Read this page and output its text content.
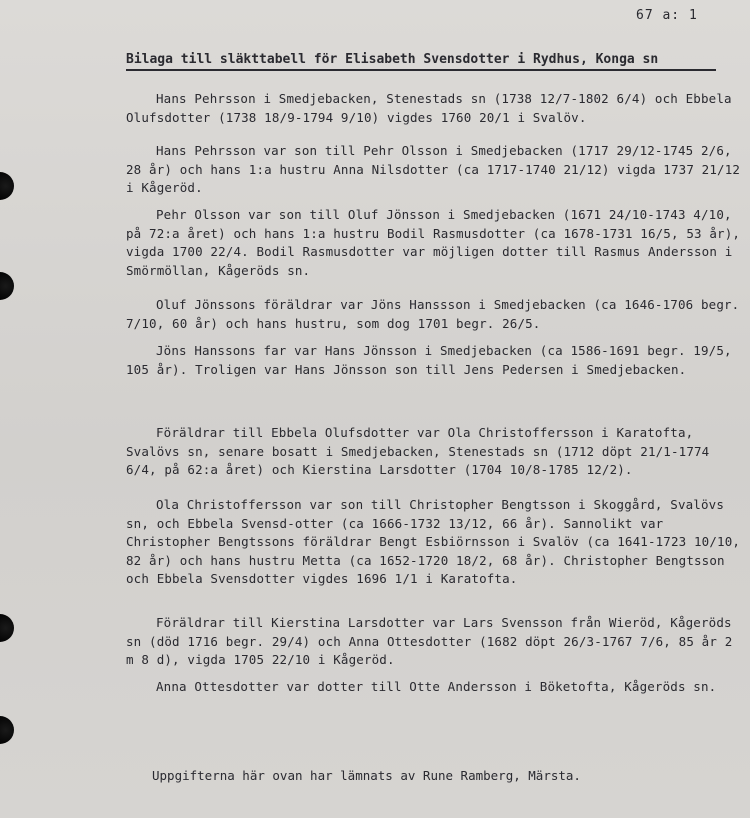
67 a: 1
Bilaga till släkttabell för Elisabeth Svensdotter i Rydhus, Konga sn
Hans Pehrsson i Smedjebacken, Stenestads sn (1738 12/7-1802 6/4) och Ebbela Olufsdotter (1738 18/9-1794 9/10) vigdes 1760 20/1 i Svalöv.
Hans Pehrsson var son till Pehr Olsson i Smedjebacken (1717 29/12-1745 2/6, 28 år) och hans 1:a hustru Anna Nilsdotter (ca 1717-1740 21/12) vigda 1737 21/12 i Kågeröd.
Pehr Olsson var son till Oluf Jönsson i Smedjebacken (1671 24/10-1743 4/10, på 72:a året) och hans 1:a hustru Bodil Rasmusdotter (ca 1678-1731 16/5, 53 år), vigda 1700 22/4. Bodil Rasmusdotter var möjligen dotter till Rasmus Andersson i Smörmöllan, Kågeröds sn.
Oluf Jönssons föräldrar var Jöns Hanssson i Smedjebacken (ca 1646-1706 begr. 7/10, 60 år) och hans hustru, som dog 1701 begr. 26/5.
Jöns Hanssons far var Hans Jönsson i Smedjebacken (ca 1586-1691 begr. 19/5, 105 år). Troligen var Hans Jönsson son till Jens Pedersen i Smedjebacken.
Föräldrar till Ebbela Olufsdotter var Ola Christoffersson i Karatofta, Svalövs sn, senare bosatt i Smedjebacken, Stenestads sn (1712 döpt 21/1-1774 6/4, på 62:a året) och Kierstina Larsdotter (1704 10/8-1785 12/2).
Ola Christoffersson var son till Christopher Bengtsson i Skoggård, Svalövs sn, och Ebbela Svensd-otter (ca 1666-1732 13/12, 66 år). Sannolikt var Christopher Bengtssons föräldrar Bengt Esbiörnsson i Svalöv (ca 1641-1723 10/10, 82 år) och hans hustru Metta (ca 1652-1720 18/2, 68 år). Christopher Bengtsson och Ebbela Svensdotter vigdes 1696 1/1 i Karatofta.
Föräldrar till Kierstina Larsdotter var Lars Svensson från Wieröd, Kågeröds sn (död 1716 begr. 29/4) och Anna Ottesdotter (1682 döpt 26/3-1767 7/6, 85 år 2 m 8 d), vigda 1705 22/10 i Kågeröd.
Anna Ottesdotter var dotter till Otte Andersson i Böketofta, Kågeröds sn.
Uppgifterna här ovan har lämnats av Rune Ramberg, Märsta.
